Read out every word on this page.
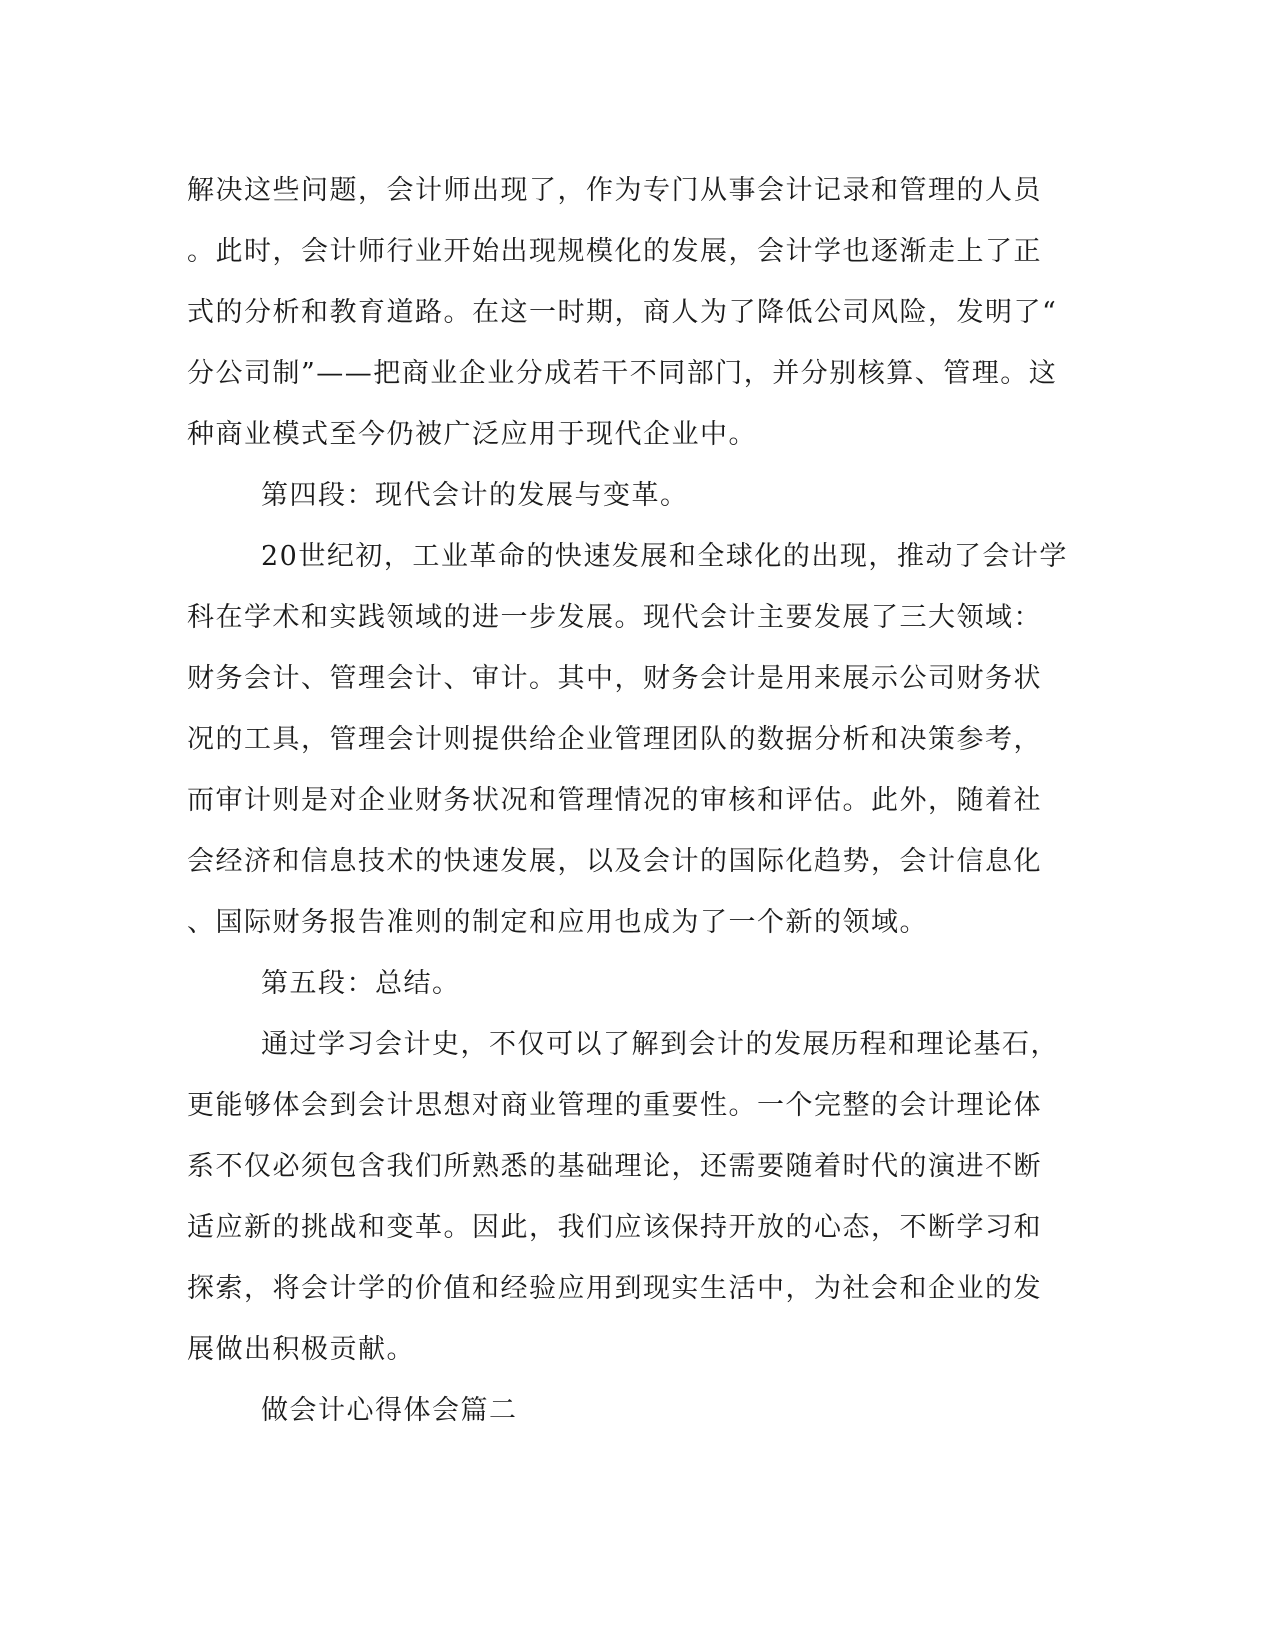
解决这些问题，会计师出现了，作为专门从事会计记录和管理的人员
。此时，会计师行业开始出现规模化的发展，会计学也逐渐走上了正
式的分析和教育道路。在这一时期，商人为了降低公司风险，发明了“
分公司制”——把商业企业分成若干不同部门，并分别核算、管理。这
种商业模式至今仍被广泛应用于现代企业中。
第四段：现代会计的发展与变革。
20世纪初，工业革命的快速发展和全球化的出现，推动了会计学
科在学术和实践领域的进一步发展。现代会计主要发展了三大领域：
财务会计、管理会计、审计。其中，财务会计是用来展示公司财务状
况的工具，管理会计则提供给企业管理团队的数据分析和决策参考，
而审计则是对企业财务状况和管理情况的审核和评估。此外，随着社
会经济和信息技术的快速发展，以及会计的国际化趋势，会计信息化
、国际财务报告准则的制定和应用也成为了一个新的领域。
第五段：总结。
通过学习会计史，不仅可以了解到会计的发展历程和理论基石，
更能够体会到会计思想对商业管理的重要性。一个完整的会计理论体
系不仅必须包含我们所熟悉的基础理论，还需要随着时代的演进不断
适应新的挑战和变革。因此，我们应该保持开放的心态，不断学习和
探索，将会计学的价值和经验应用到现实生活中，为社会和企业的发
展做出积极贡献。
做会计心得体会篇二
